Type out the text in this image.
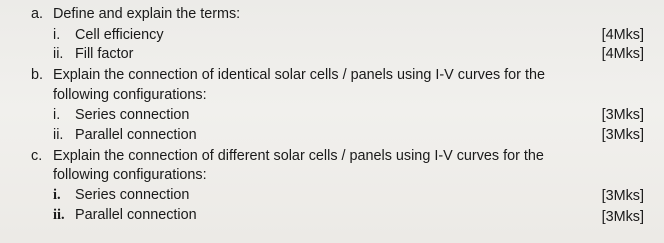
a. Define and explain the terms:
i. Cell efficiency	[4Mks]
ii. Fill factor	[4Mks]
b. Explain the connection of identical solar cells / panels using I-V curves for the
following configurations:
i. Series connection	[3Mks]
ii. Parallel connection	[3Mks]
c. Explain the connection of different solar cells / panels using I-V curves for the
following configurations:
i. Series connection	[3Mks]
ii. Parallel connection	[3Mks]
